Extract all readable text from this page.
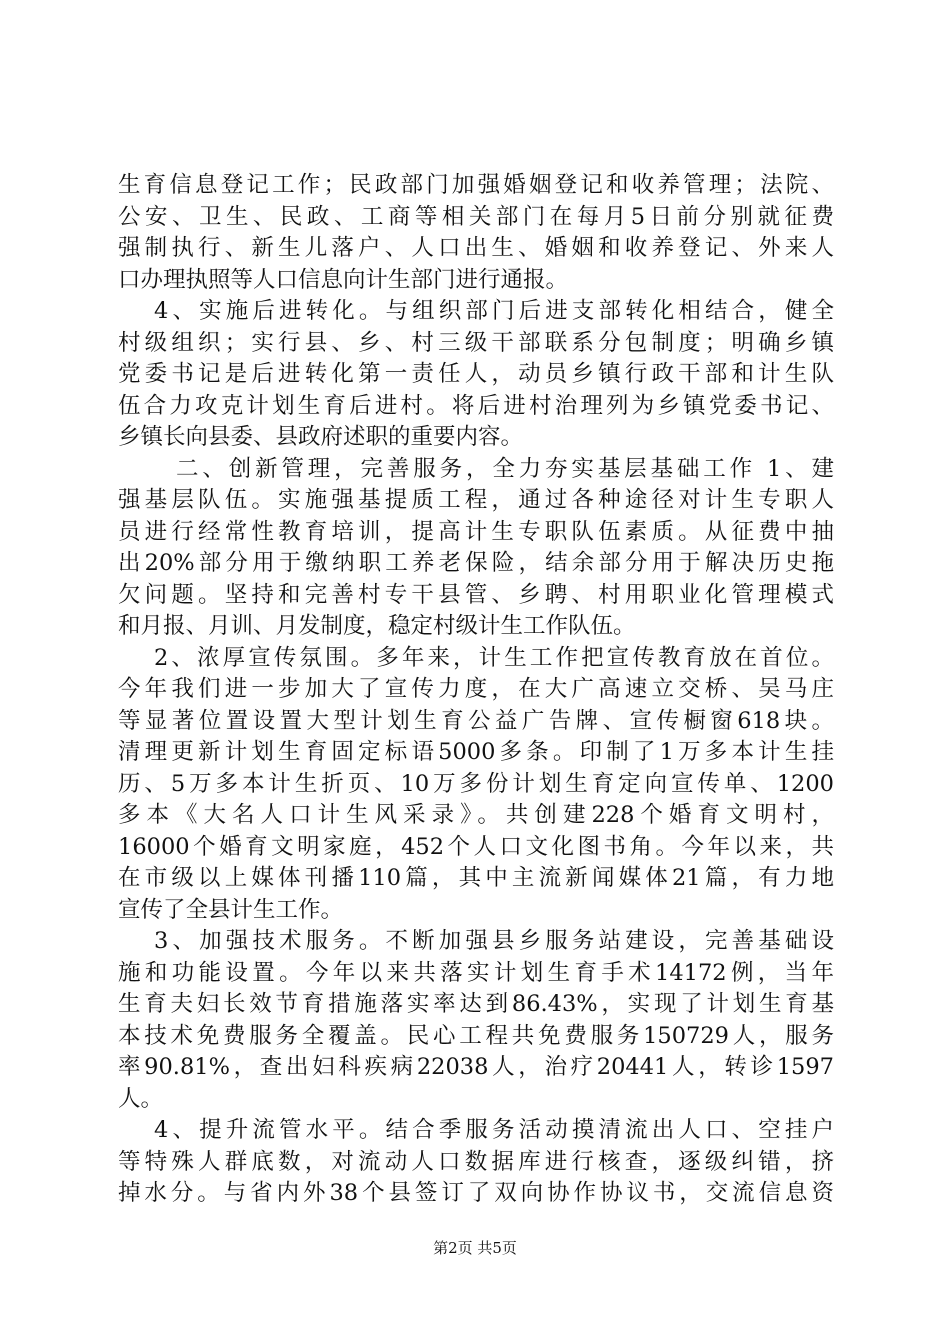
生育信息登记工作；民政部门加强婚姻登记和收养管理；法院、
公安、卫生、民政、工商等相关部门在每月5日前分别就征费
强制执行、新生儿落户、人口出生、婚姻和收养登记、外来人
口办理执照等人口信息向计生部门进行通报。
4、实施后进转化。与组织部门后进支部转化相结合，健全
村级组织；实行县、乡、村三级干部联系分包制度；明确乡镇
党委书记是后进转化第一责任人，动员乡镇行政干部和计生队
伍合力攻克计划生育后进村。将后进村治理列为乡镇党委书记、
乡镇长向县委、县政府述职的重要内容。
二、创新管理，完善服务，全力夯实基层基础工作 1、建
强基层队伍。实施强基提质工程，通过各种途径对计生专职人
员进行经常性教育培训，提高计生专职队伍素质。从征费中抽
出20%部分用于缴纳职工养老保险，结余部分用于解决历史拖
欠问题。坚持和完善村专干县管、乡聘、村用职业化管理模式
和月报、月训、月发制度，稳定村级计生工作队伍。
2、浓厚宣传氛围。多年来，计生工作把宣传教育放在首位。
今年我们进一步加大了宣传力度，在大广高速立交桥、吴马庄
等显著位置设置大型计划生育公益广告牌、宣传橱窗618块。
清理更新计划生育固定标语5000多条。印制了1万多本计生挂
历、5万多本计生折页、10万多份计划生育定向宣传单、1200
多本《大名人口计生风采录》。共创建228个婚育文明村，
16000个婚育文明家庭，452个人口文化图书角。今年以来，共
在市级以上媒体刊播110篇，其中主流新闻媒体21篇，有力地
宣传了全县计生工作。
3、加强技术服务。不断加强县乡服务站建设，完善基础设
施和功能设置。今年以来共落实计划生育手术14172例，当年
生育夫妇长效节育措施落实率达到86.43%，实现了计划生育基
本技术免费服务全覆盖。民心工程共免费服务150729人，服务
率90.81%，查出妇科疾病22038人，治疗20441人，转诊1597
人。
4、提升流管水平。结合季服务活动摸清流出人口、空挂户
等特殊人群底数，对流动人口数据库进行核查，逐级纠错，挤
掉水分。与省内外38个县签订了双向协作协议书，交流信息资
第2页 共5页
